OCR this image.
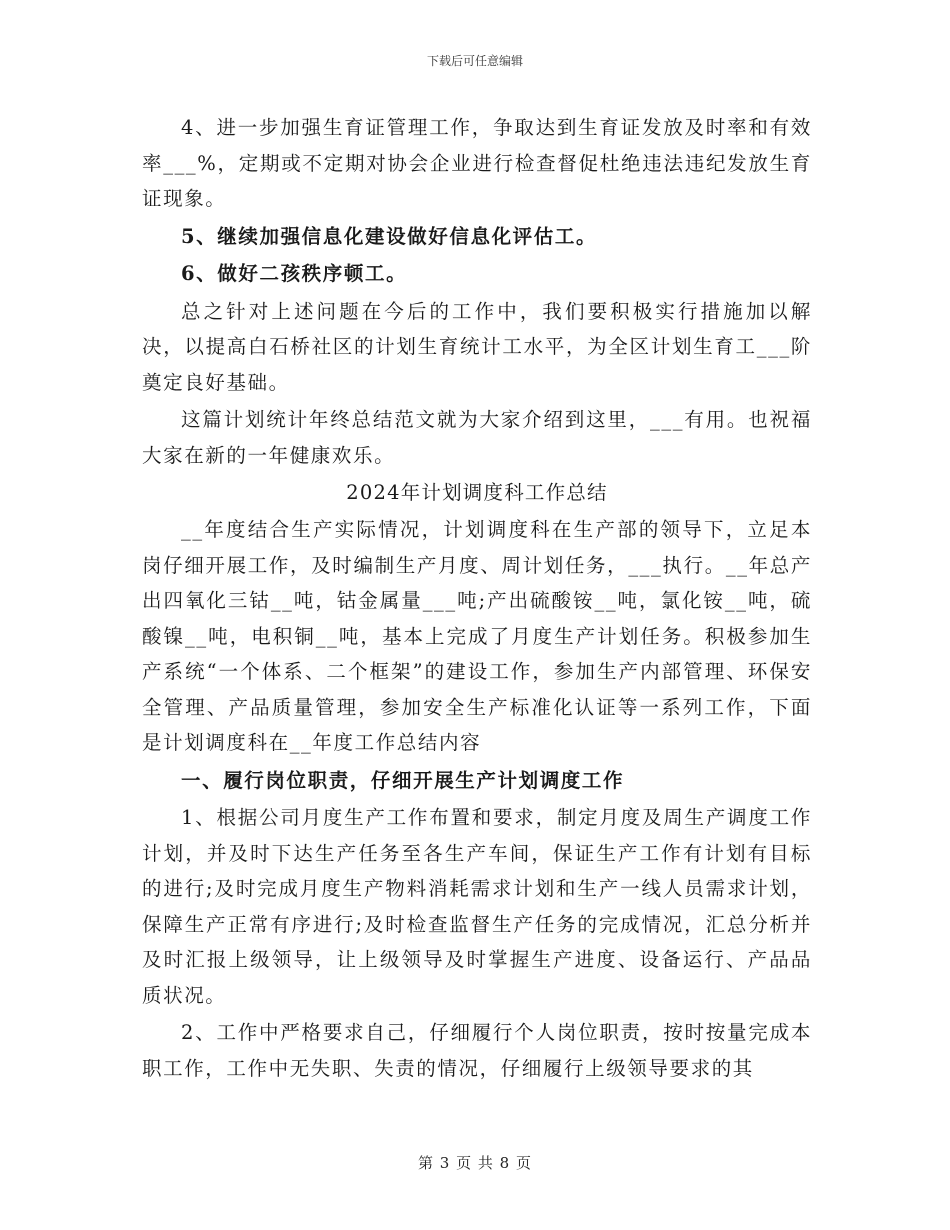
下载后可任意编辑

4、进一步加强生育证管理工作，争取达到生育证发放及时率和有效率___%，定期或不定期对协会企业进行检查督促杜绝违法违纪发放生育证现象。

5、继续加强信息化建设做好信息化评估工。

6、做好二孩秩序顿工。

总之针对上述问题在今后的工作中，我们要积极实行措施加以解决，以提高白石桥社区的计划生育统计工水平，为全区计划生育工___阶奠定良好基础。

这篇计划统计年终总结范文就为大家介绍到这里，___有用。也祝福大家在新的一年健康欢乐。

2024年计划调度科工作总结

__年度结合生产实际情况，计划调度科在生产部的领导下，立足本岗仔细开展工作，及时编制生产月度、周计划任务，___执行。__年总产出四氧化三钴__吨，钴金属量___吨;产出硫酸铵__吨，氯化铵__吨，硫酸镍__吨，电积铜__吨，基本上完成了月度生产计划任务。积极参加生产系统“一个体系、二个框架”的建设工作，参加生产内部管理、环保安全管理、产品质量管理，参加安全生产标准化认证等一系列工作，下面是计划调度科在__年度工作总结内容

一、履行岗位职责，仔细开展生产计划调度工作

1、根据公司月度生产工作布置和要求，制定月度及周生产调度工作计划，并及时下达生产任务至各生产车间，保证生产工作有计划有目标的进行;及时完成月度生产物料消耗需求计划和生产一线人员需求计划，保障生产正常有序进行;及时检查监督生产任务的完成情况，汇总分析并及时汇报上级领导，让上级领导及时掌握生产进度、设备运行、产品品质状况。

2、工作中严格要求自己，仔细履行个人岗位职责，按时按量完成本职工作，工作中无失职、失责的情况，仔细履行上级领导要求的其

第 3 页 共 8 页
